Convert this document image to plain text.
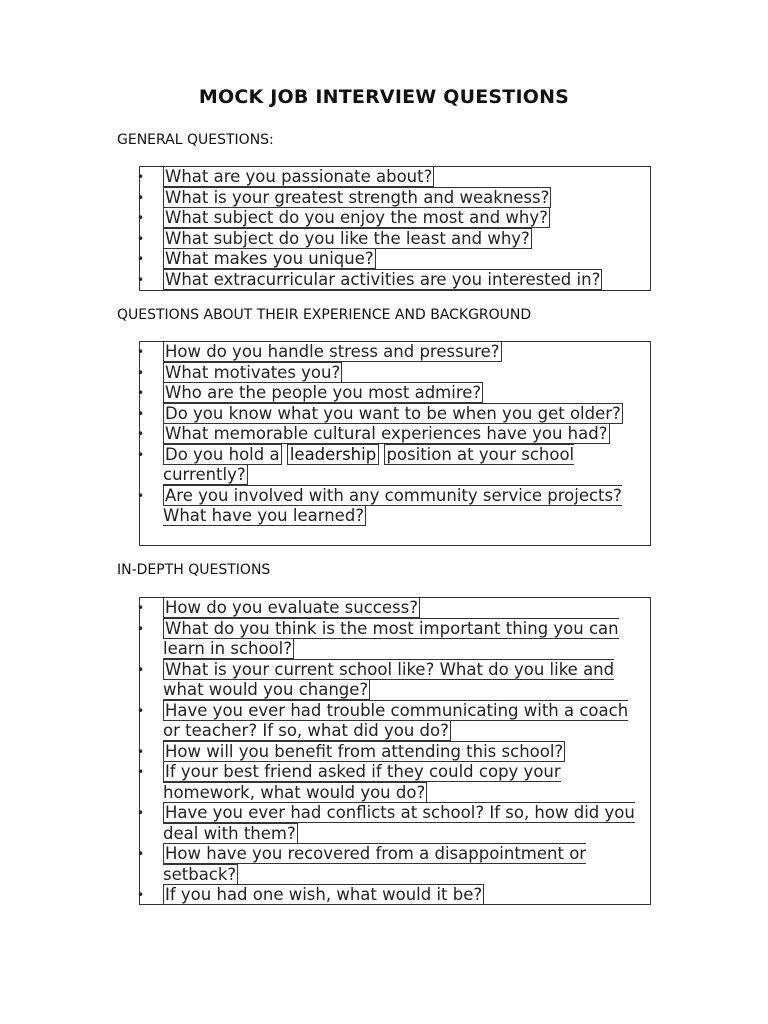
MOCK JOB INTERVIEW QUESTIONS
GENERAL QUESTIONS:
• What are you passionate about?
• What is your greatest strength and weakness?
• What subject do you enjoy the most and why?
• What subject do you like the least and why?
• What makes you unique?
• What extracurricular activities are you interested in?
QUESTIONS ABOUT THEIR EXPERIENCE AND BACKGROUND
• How do you handle stress and pressure?
• What motivates you?
• Who are the people you most admire?
• Do you know what you want to be when you get older?
• What memorable cultural experiences have you had?
• Do you hold a leadership position at your school currently?
• Are you involved with any community service projects? What have you learned?
IN-DEPTH QUESTIONS
• How do you evaluate success?
• What do you think is the most important thing you can learn in school?
• What is your current school like? What do you like and what would you change?
• Have you ever had trouble communicating with a coach or teacher? If so, what did you do?
• How will you benefit from attending this school?
• If your best friend asked if they could copy your homework, what would you do?
• Have you ever had conflicts at school? If so, how did you deal with them?
• How have you recovered from a disappointment or setback?
• If you had one wish, what would it be?
